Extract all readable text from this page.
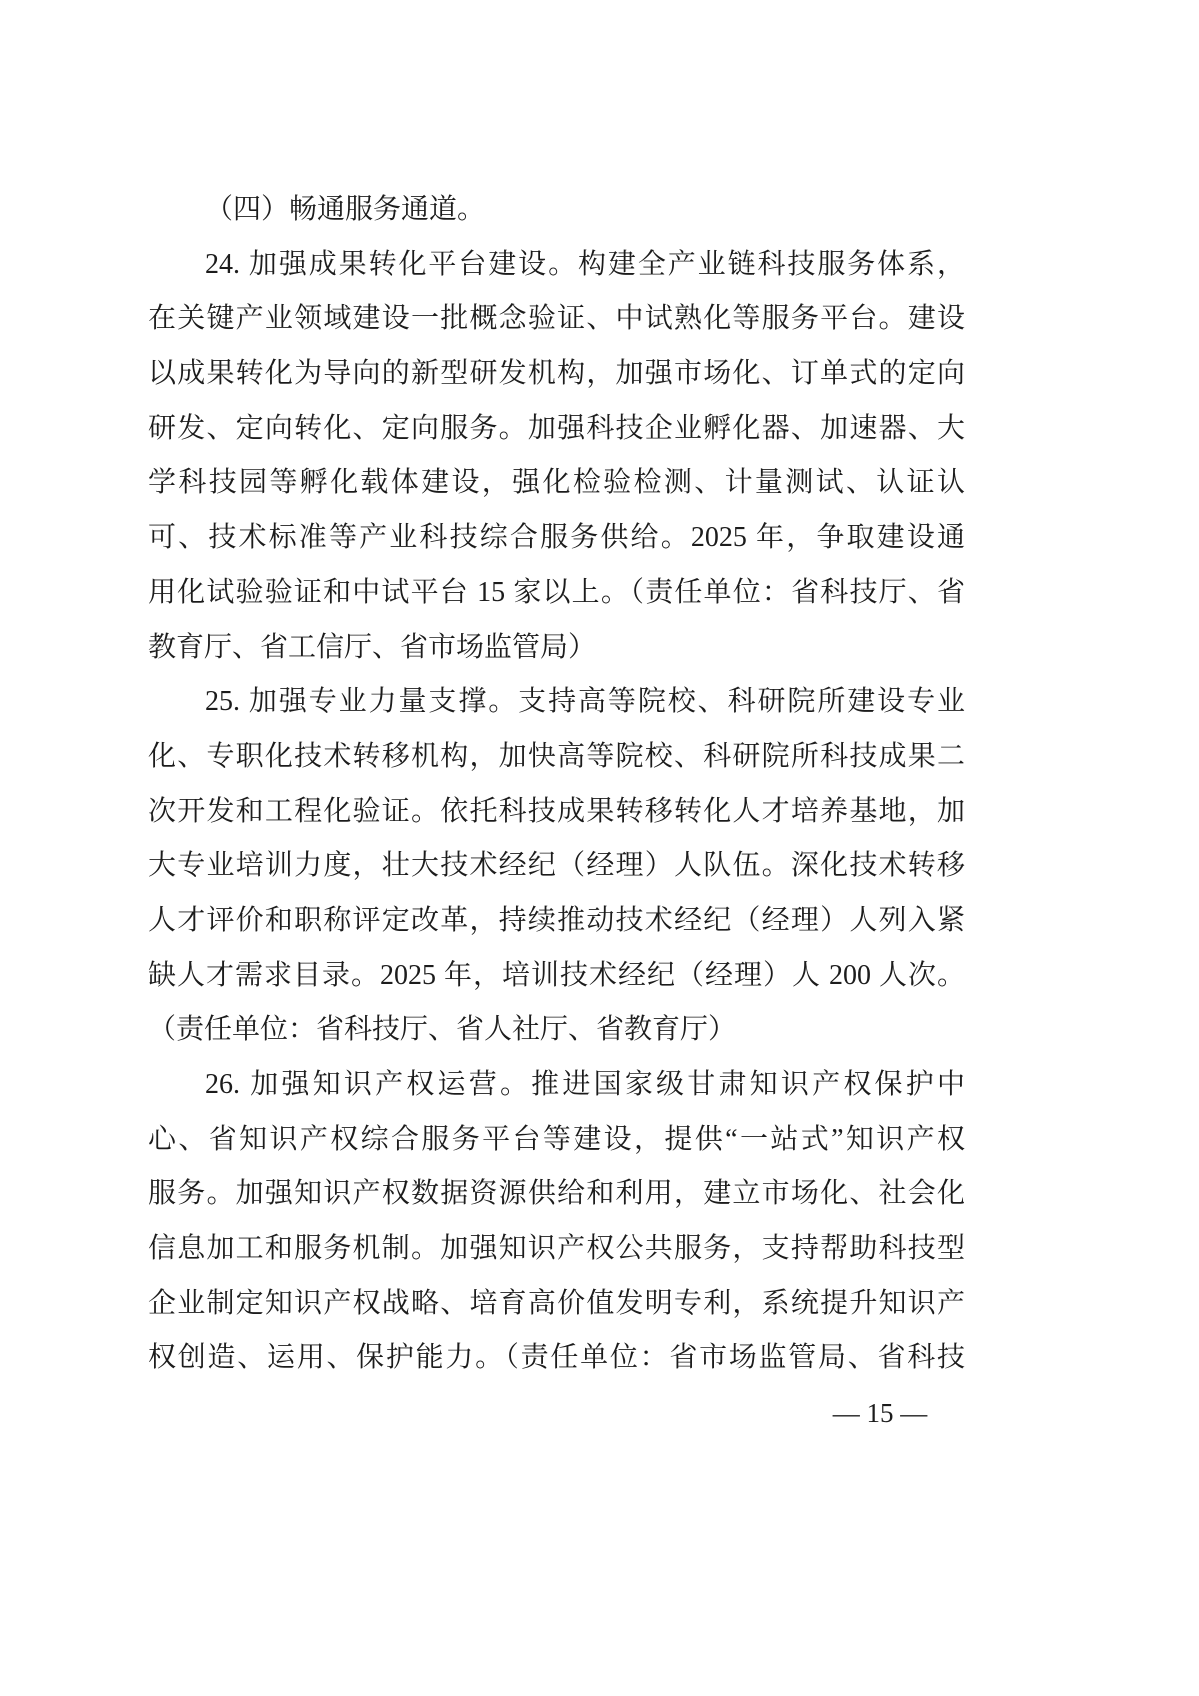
（四）畅通服务通道。
24. 加强成果转化平台建设。构建全产业链科技服务体系，
在关键产业领域建设一批概念验证、中试熟化等服务平台。建设
以成果转化为导向的新型研发机构，加强市场化、订单式的定向
研发、定向转化、定向服务。加强科技企业孵化器、加速器、大
学科技园等孵化载体建设，强化检验检测、计量测试、认证认
可、技术标准等产业科技综合服务供给。2025 年，争取建设通
用化试验验证和中试平台 15 家以上。（责任单位：省科技厅、省
教育厅、省工信厅、省市场监管局）
25. 加强专业力量支撑。支持高等院校、科研院所建设专业
化、专职化技术转移机构，加快高等院校、科研院所科技成果二
次开发和工程化验证。依托科技成果转移转化人才培养基地，加
大专业培训力度，壮大技术经纪（经理）人队伍。深化技术转移
人才评价和职称评定改革，持续推动技术经纪（经理）人列入紧
缺人才需求目录。2025 年，培训技术经纪（经理）人 200 人次。
（责任单位：省科技厅、省人社厅、省教育厅）
26. 加强知识产权运营。推进国家级甘肃知识产权保护中
心、省知识产权综合服务平台等建设，提供“一站式”知识产权
服务。加强知识产权数据资源供给和利用，建立市场化、社会化
信息加工和服务机制。加强知识产权公共服务，支持帮助科技型
企业制定知识产权战略、培育高价值发明专利，系统提升知识产
权创造、运用、保护能力。（责任单位：省市场监管局、省科技
— 15 —
